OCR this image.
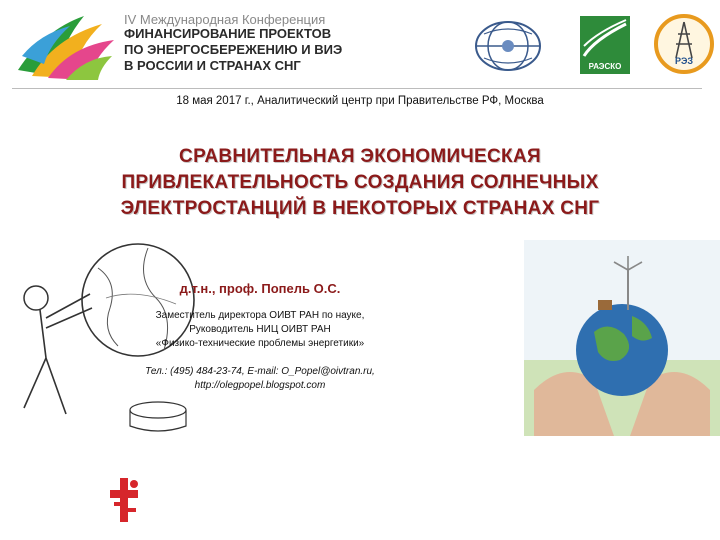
IV Международная Конференция
ФИНАНСИРОВАНИЕ ПРОЕКТОВ
ПО ЭНЕРГОСБЕРЕЖЕНИЮ И ВИЭ
В РОССИИ И СТРАНАХ СНГ	РАЭСКО
РЭЗ
18 мая 2017 г., Аналитический центр при Правительстве РФ, Москва
СРАВНИТЕЛЬНАЯ ЭКОНОМИЧЕСКАЯ
ПРИВЛЕКАТЕЛЬНОСТЬ СОЗДАНИЯ СОЛНЕЧНЫХ
ЭЛЕКТРОСТАНЦИЙ В НЕКОТОРЫХ СТРАНАХ СНГ
д.т.н., проф. Попель О.С.
Заместитель директора ОИВТ РАН по науке,
Руководитель НИЦ ОИВТ РАН
«Физико-технические проблемы энергетики»
Тел.: (495) 484-23-74, E-mail: O_Popel@oivtran.ru,
http://olegpopel.blogspot.com
